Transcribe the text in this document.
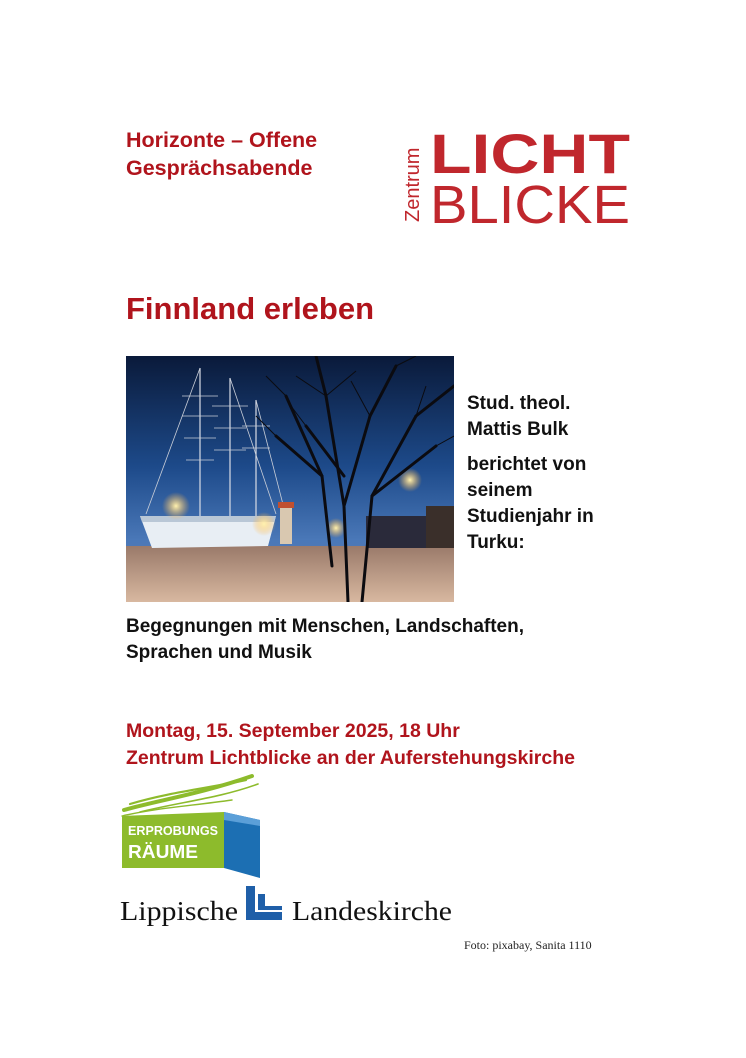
Horizonte – Offene
Gesprächsabende	Zentrum LICHT
BLICKE
Finnland erleben

Stud. theol.
Mattis Bulk

berichtet von
seinem
Studienjahr in
Turku:

Begegnungen mit Menschen, Landschaften,
Sprachen und Musik
Montag, 15. September 2025, 18 Uhr
Zentrum Lichtblicke an der Auferstehungskirche
ERPROBUNGS
RÄUME
Lippische Landeskirche
Foto: pixabay, Sanita 1110
